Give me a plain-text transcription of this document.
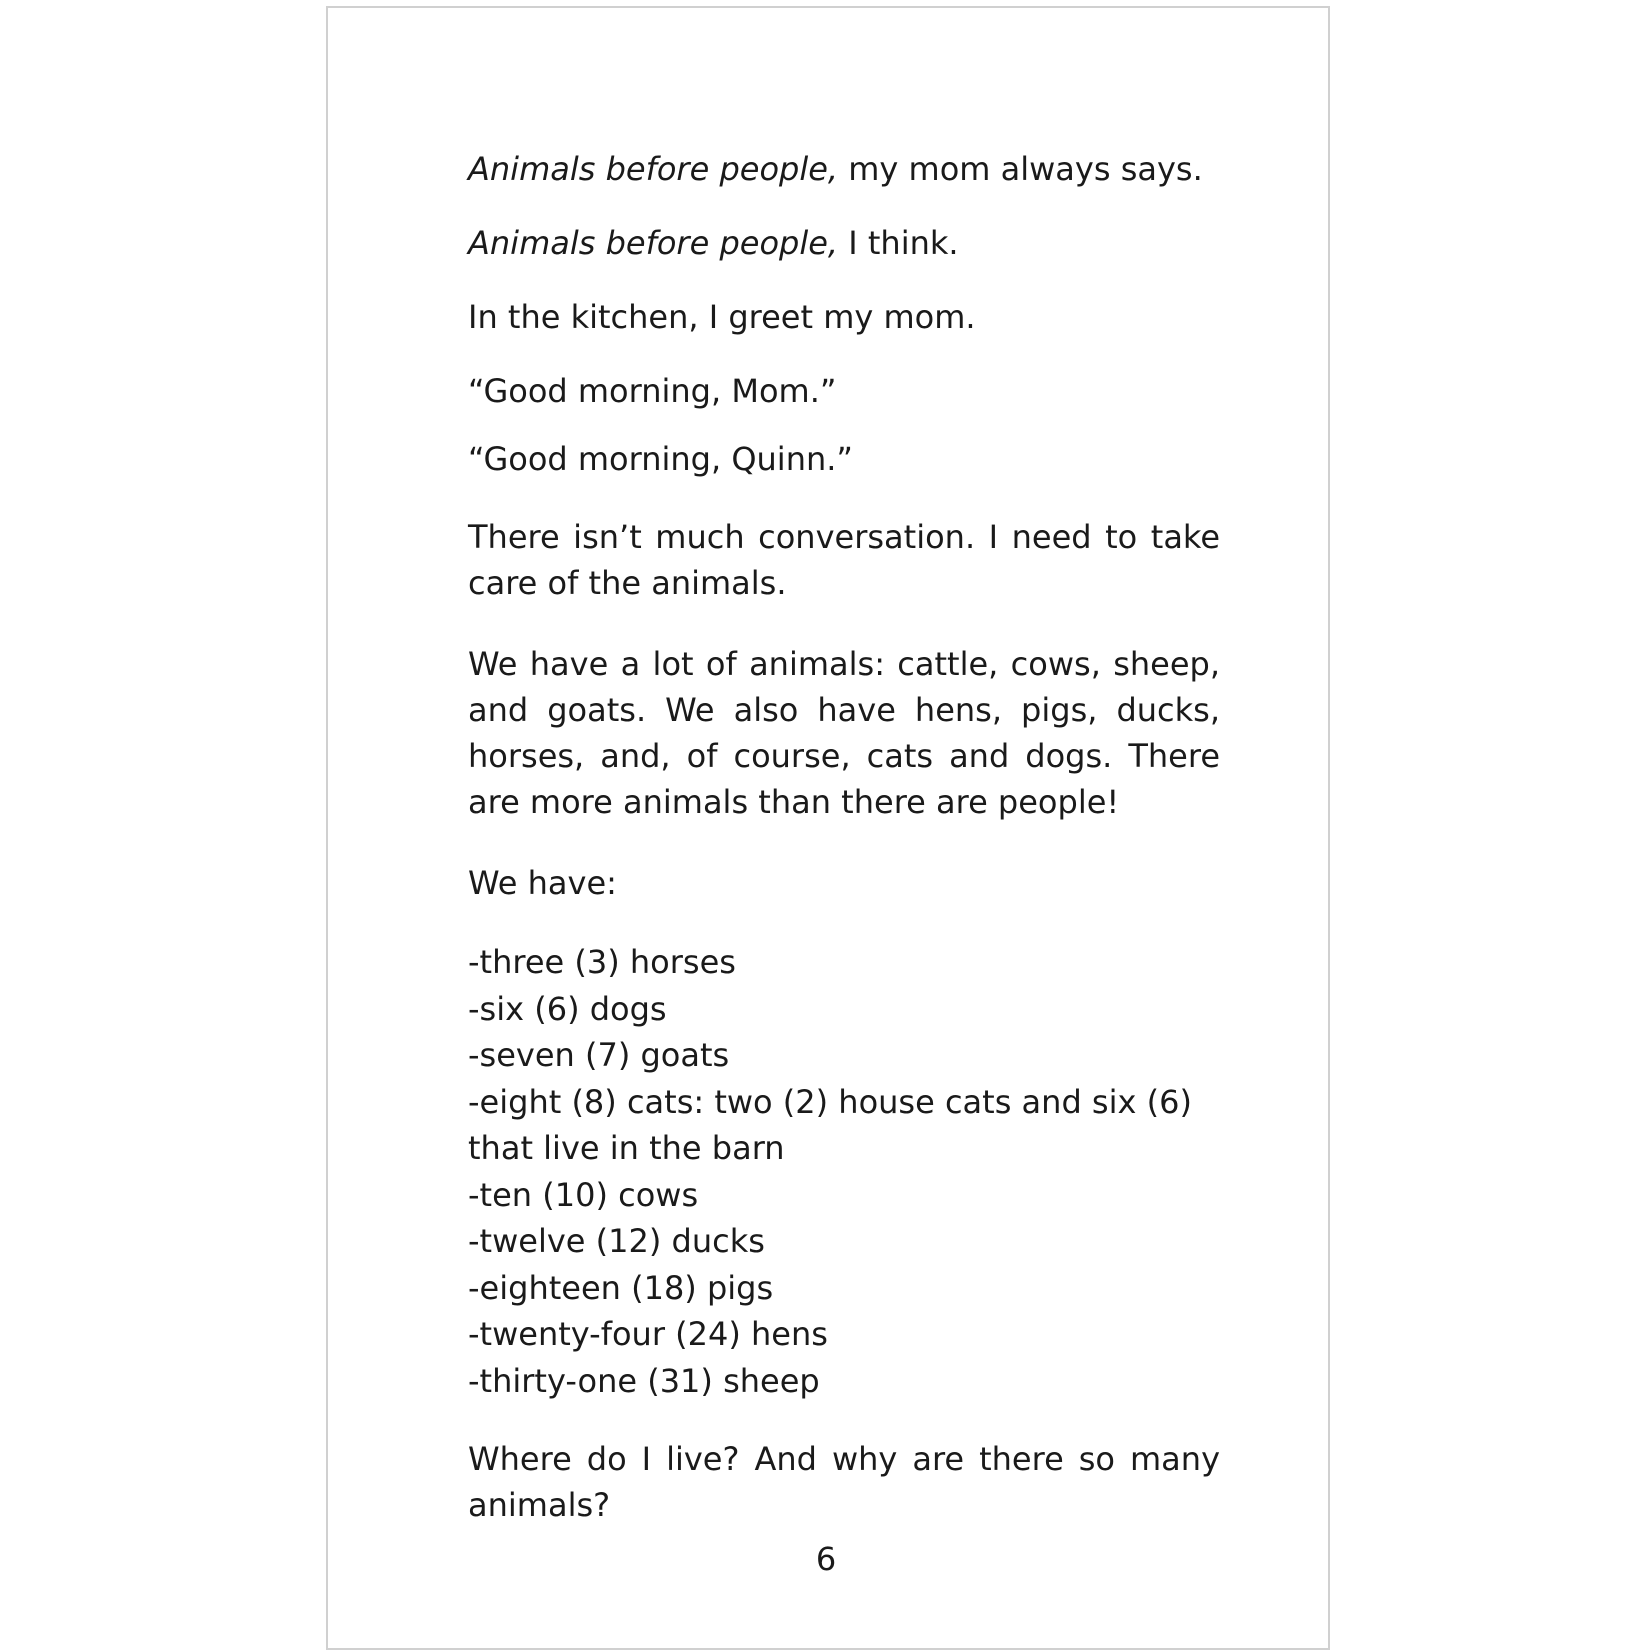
Animals before people, my mom always says.

Animals before people, I think.

In the kitchen, I greet my mom.

“Good morning, Mom.”

“Good morning, Quinn.”

There isn’t much conversation. I need to take care of the animals.

We have a lot of animals: cattle, cows, sheep, and goats. We also have hens, pigs, ducks, horses, and, of course, cats and dogs. There are more animals than there are people!

We have:

-three (3) horses
-six (6) dogs
-seven (7) goats
-eight (8) cats: two (2) house cats and six (6)
that live in the barn
-ten (10) cows
-twelve (12) ducks
-eighteen (18) pigs
-twenty-four (24) hens
-thirty-one (31) sheep

Where do I live? And why are there so many animals?

6
